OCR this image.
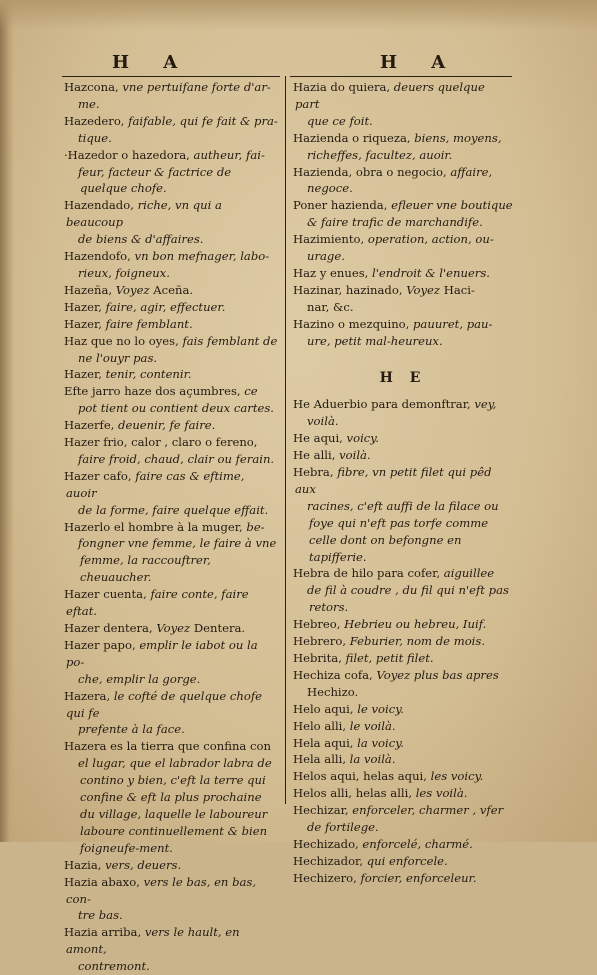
H A	H A

Hazcona, vne pertuifane forte d'ar-
me.

Hazedero, faifable, qui fe fait & pra-
tique.

·Hazedor o hazedora, autheur, fai-
feur, facteur & factrice de quelque chofe.

Hazendado, riche, vn qui a beaucoup
de biens & d'affaires.

Hazendofo, vn bon mefnager, labo-
rieux, foigneux.

Hazeña, Voyez Aceña.

Hazer, faire, agir, effectuer.

Hazer, faire femblant.

Haz que no lo oyes, fais femblant de
ne l'ouyr pas.

Hazer, tenir, contenir.

Efte jarro haze dos açumbres, ce
pot tient ou contient deux cartes.

Hazerfe, deuenir, fe faire.

Hazer frio, calor , claro o fereno,
faire froid, chaud, clair ou ferain.

Hazer cafo, faire cas & eftime, auoir
de la forme, faire quelque effait.

Hazerlo el hombre à la muger, be-
fongner vne femme, le faire à vne femme, la raccouftrer, cheuaucher.

Hazer cuenta, faire conte, faire eftat.

Hazer dentera, Voyez Dentera.

Hazer papo, emplir le iabot ou la po-
che, emplir la gorge.

Hazera, le cofté de quelque chofe qui fe
prefente à la face.

Hazera es la tierra que confina con
el lugar, que el labrador labra de contino y bien, c'eft la terre qui confine & eft la plus prochaine du village, laquelle le laboureur laboure continuellement & bien foigneufe-ment.

Hazia, vers, deuers.

Hazia abaxo, vers le bas, en bas, con-
tre bas.

Hazia arriba, vers le hault, en amont,
contremont.

Hazia do quiera, deuers quelque part
que ce foit.

Hazienda o riqueza, biens, moyens,
richeffes, facultez, auoir.

Hazienda, obra o negocio, affaire,
negoce.

Poner hazienda, efleuer vne boutique
& faire trafic de marchandife.

Hazimiento, operation, action, ou-
urage.

Haz y enues, l'endroit & l'enuers.

Hazinar, hazinado, Voyez Haci-
nar, &c.

Hazino o mezquino, pauuret, pau-
ure, petit mal-heureux.

H E

He Aduerbio para demonftrar, vey,
voilà.

He aqui, voicy.

He alli, voilà.

Hebra, fibre, vn petit filet qui pêd aux
racines, c'eft auffi de la filace ou foye qui n'eft pas torfe comme celle dont on befongne en tapifferie.

Hebra de hilo para cofer, aiguillee
de fil à coudre , du fil qui n'eft pas retors.

Hebreo, Hebrieu ou hebreu, Iuif.

Hebrero, Feburier, nom de mois.

Hebrita, filet, petit filet.

Hechiza cofa, Voyez plus bas apres
Hechizo.

Helo aqui, le voicy.

Helo alli, le voilà.

Hela aqui, la voicy.

Hela alli, la voilà.

Helos aqui, helas aqui, les voicy.

Helos alli, helas alli, les voilà.

Hechizar, enforceler, charmer , vfer
de fortilege.

Hechizado, enforcelé, charmé.

Hechizador, qui enforcele.

Hechizero, forcier, enforceleur.
